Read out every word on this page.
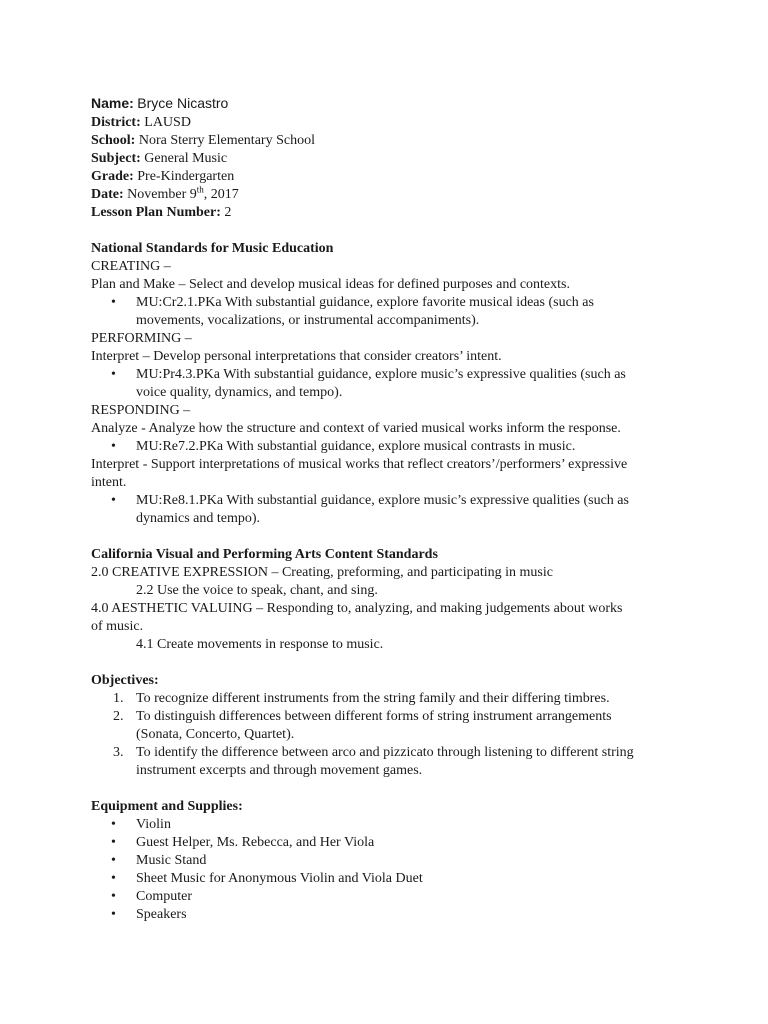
Name: Bryce Nicastro
District: LAUSD
School: Nora Sterry Elementary School
Subject: General Music
Grade: Pre-Kindergarten
Date: November 9th, 2017
Lesson Plan Number: 2
National Standards for Music Education
CREATING –
Plan and Make – Select and develop musical ideas for defined purposes and contexts.
• MU:Cr2.1.PKa With substantial guidance, explore favorite musical ideas (such as
movements, vocalizations, or instrumental accompaniments).
PERFORMING –
Interpret – Develop personal interpretations that consider creators’ intent.
• MU:Pr4.3.PKa With substantial guidance, explore music’s expressive qualities (such as
voice quality, dynamics, and tempo).
RESPONDING –
Analyze - Analyze how the structure and context of varied musical works inform the response.
• MU:Re7.2.PKa With substantial guidance, explore musical contrasts in music.
Interpret - Support interpretations of musical works that reflect creators’/performers’ expressive
intent.
• MU:Re8.1.PKa With substantial guidance, explore music’s expressive qualities (such as
dynamics and tempo).
California Visual and Performing Arts Content Standards
2.0 CREATIVE EXPRESSION – Creating, preforming, and participating in music
2.2 Use the voice to speak, chant, and sing.
4.0 AESTHETIC VALUING – Responding to, analyzing, and making judgements about works
of music.
4.1 Create movements in response to music.
Objectives:
1. To recognize different instruments from the string family and their differing timbres.
2. To distinguish differences between different forms of string instrument arrangements
(Sonata, Concerto, Quartet).
3. To identify the difference between arco and pizzicato through listening to different string
instrument excerpts and through movement games.
Equipment and Supplies:
• Violin
• Guest Helper, Ms. Rebecca, and Her Viola
• Music Stand
• Sheet Music for Anonymous Violin and Viola Duet
• Computer
• Speakers
